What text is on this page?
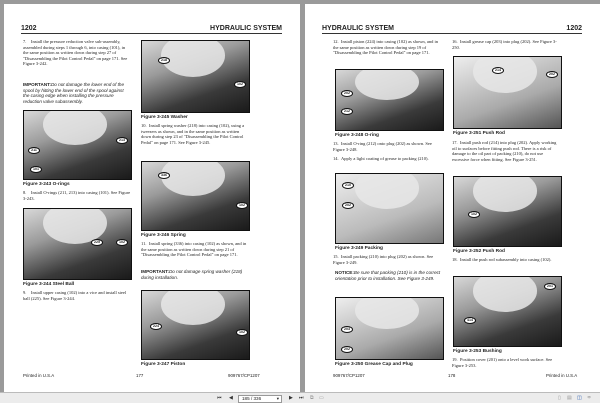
1202	HYDRAULIC SYSTEM
7. Install the pressure reduction valve sub-assembly, assembled during steps 1 through 6, into casing (101), in the same position as written down during step 27 of "Disassembling the Pilot Control Pedal" on page 171. See Figure 3-242.
IMPORTANT:Do not damage the lower end of the spool by hitting the lower end of the spool against the casing edge when installing the pressure reduction valve subassembly.
213
211
101
Figure 3-243 O-rings
8. Install O-rings (211, 213) into casing (101). See Figure 3-243.
225	102
Figure 3-244 Steel Ball
9. Install upper casing (102) into a vice and install steel ball (225). See Figure 3-244.
218
102
Figure 3-245 Washer
10. Install spring washer (218) into casing (102), using a tweezers as shown, and in the same position as written down during step 23 of "Disassembling the Pilot Control Pedal" on page 171. See Figure 3-245.
336
102
Figure 3-246 Spring
11. Install spring (336) into casing (102) as shown, and in the same position as written down during step 21 of "Disassembling the Pilot Control Pedal" on page 171.
IMPORTANT:Do not damage spring washer (218) during installation.
224
102
Figure 3-247 Piston
Printed in U.S.A	177	909767/CP1207
HYDRAULIC SYSTEM	1202
12. Install piston (224) into casing (102) as shown, and in the same position as written down during step 19 of "Disassembling the Pilot Control Pedal" on page 171.
202
212
Figure 3-248 O-ring
13. Install O-ring (212) onto plug (202) as shown. See Figure 3-248.
14. Apply a light coating of grease to packing (210).
210
202
Figure 3-249 Packing
15. Install packing (210) into plug (202) as shown. See Figure 3-249.
NOTICE:Be sure that packing (210) is in the correct orientation prior to installation. See Figure 3-249.
203
202
Figure 3-250 Grease Cap and Plug
16. Install grease cap (203) into plug (202). See Figure 3-250.
214
202
Figure 3-251 Push Rod
17. Install push rod (214) into plug (202). Apply working oil to surfaces before fitting push rod. There is a risk of damage to the oil part of packing (210), do not use excessive force when fitting. See Figure 3-251.
102
Figure 3-252 Push Rod
18. Install the push rod subassembly into casing (102).
201
414
Figure 3-253 Bushing
19. Position cover (201) onto a level work surface. See Figure 3-253.
909767/CP1207	178	Printed in U.S.A
⏮ ◀	185 / 336	▾ ▶ ⏭ ⧉ ▭	▯ ▤ ◫ ≑
